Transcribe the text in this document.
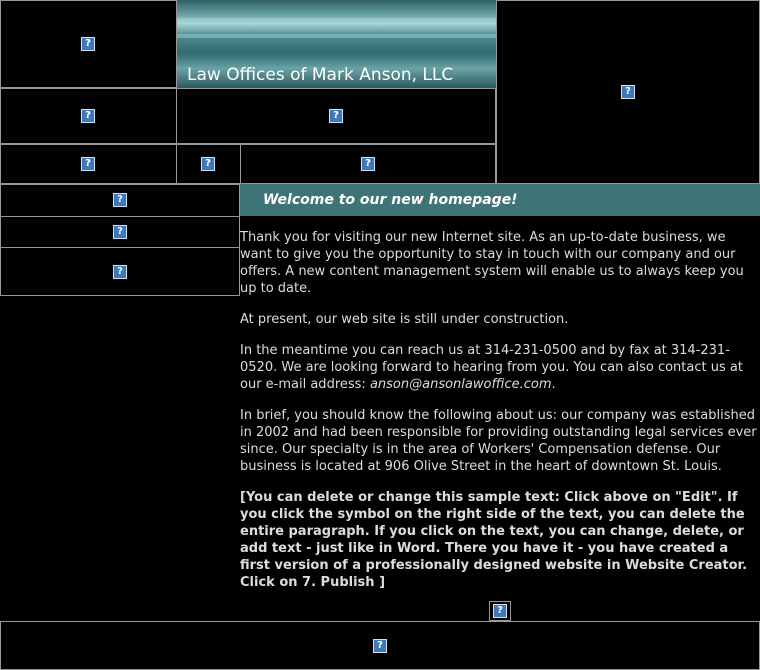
?
Law Offices of Mark Anson, LLC
?
?
?
?
?
?
?
?
?
Welcome to our new homepage!

Thank you for visiting our new Internet site. As an up-to-date business, we want to give you the opportunity to stay in touch with our company and our offers. A new content management system will enable us to always keep you up to date.

At present, our web site is still under construction.

In the meantime you can reach us at 314-231-0500 and by fax at 314-231-0520. We are looking forward to hearing from you. You can also contact us at our e-mail address: anson@ansonlawoffice.com.

In brief, you should know the following about us: our company was established in 2002 and had been responsible for providing outstanding legal services ever since. Our specialty is in the area of Workers' Compensation defense. Our business is located at 906 Olive Street in the heart of downtown St. Louis.

[You can delete or change this sample text: Click above on "Edit". If you click the symbol on the right side of the text, you can delete the entire paragraph. If you click on the text, you can change, delete, or add text - just like in Word. There you have it - you have created a first version of a professionally designed website in Website Creator. Click on 7. Publish ]

?
?
